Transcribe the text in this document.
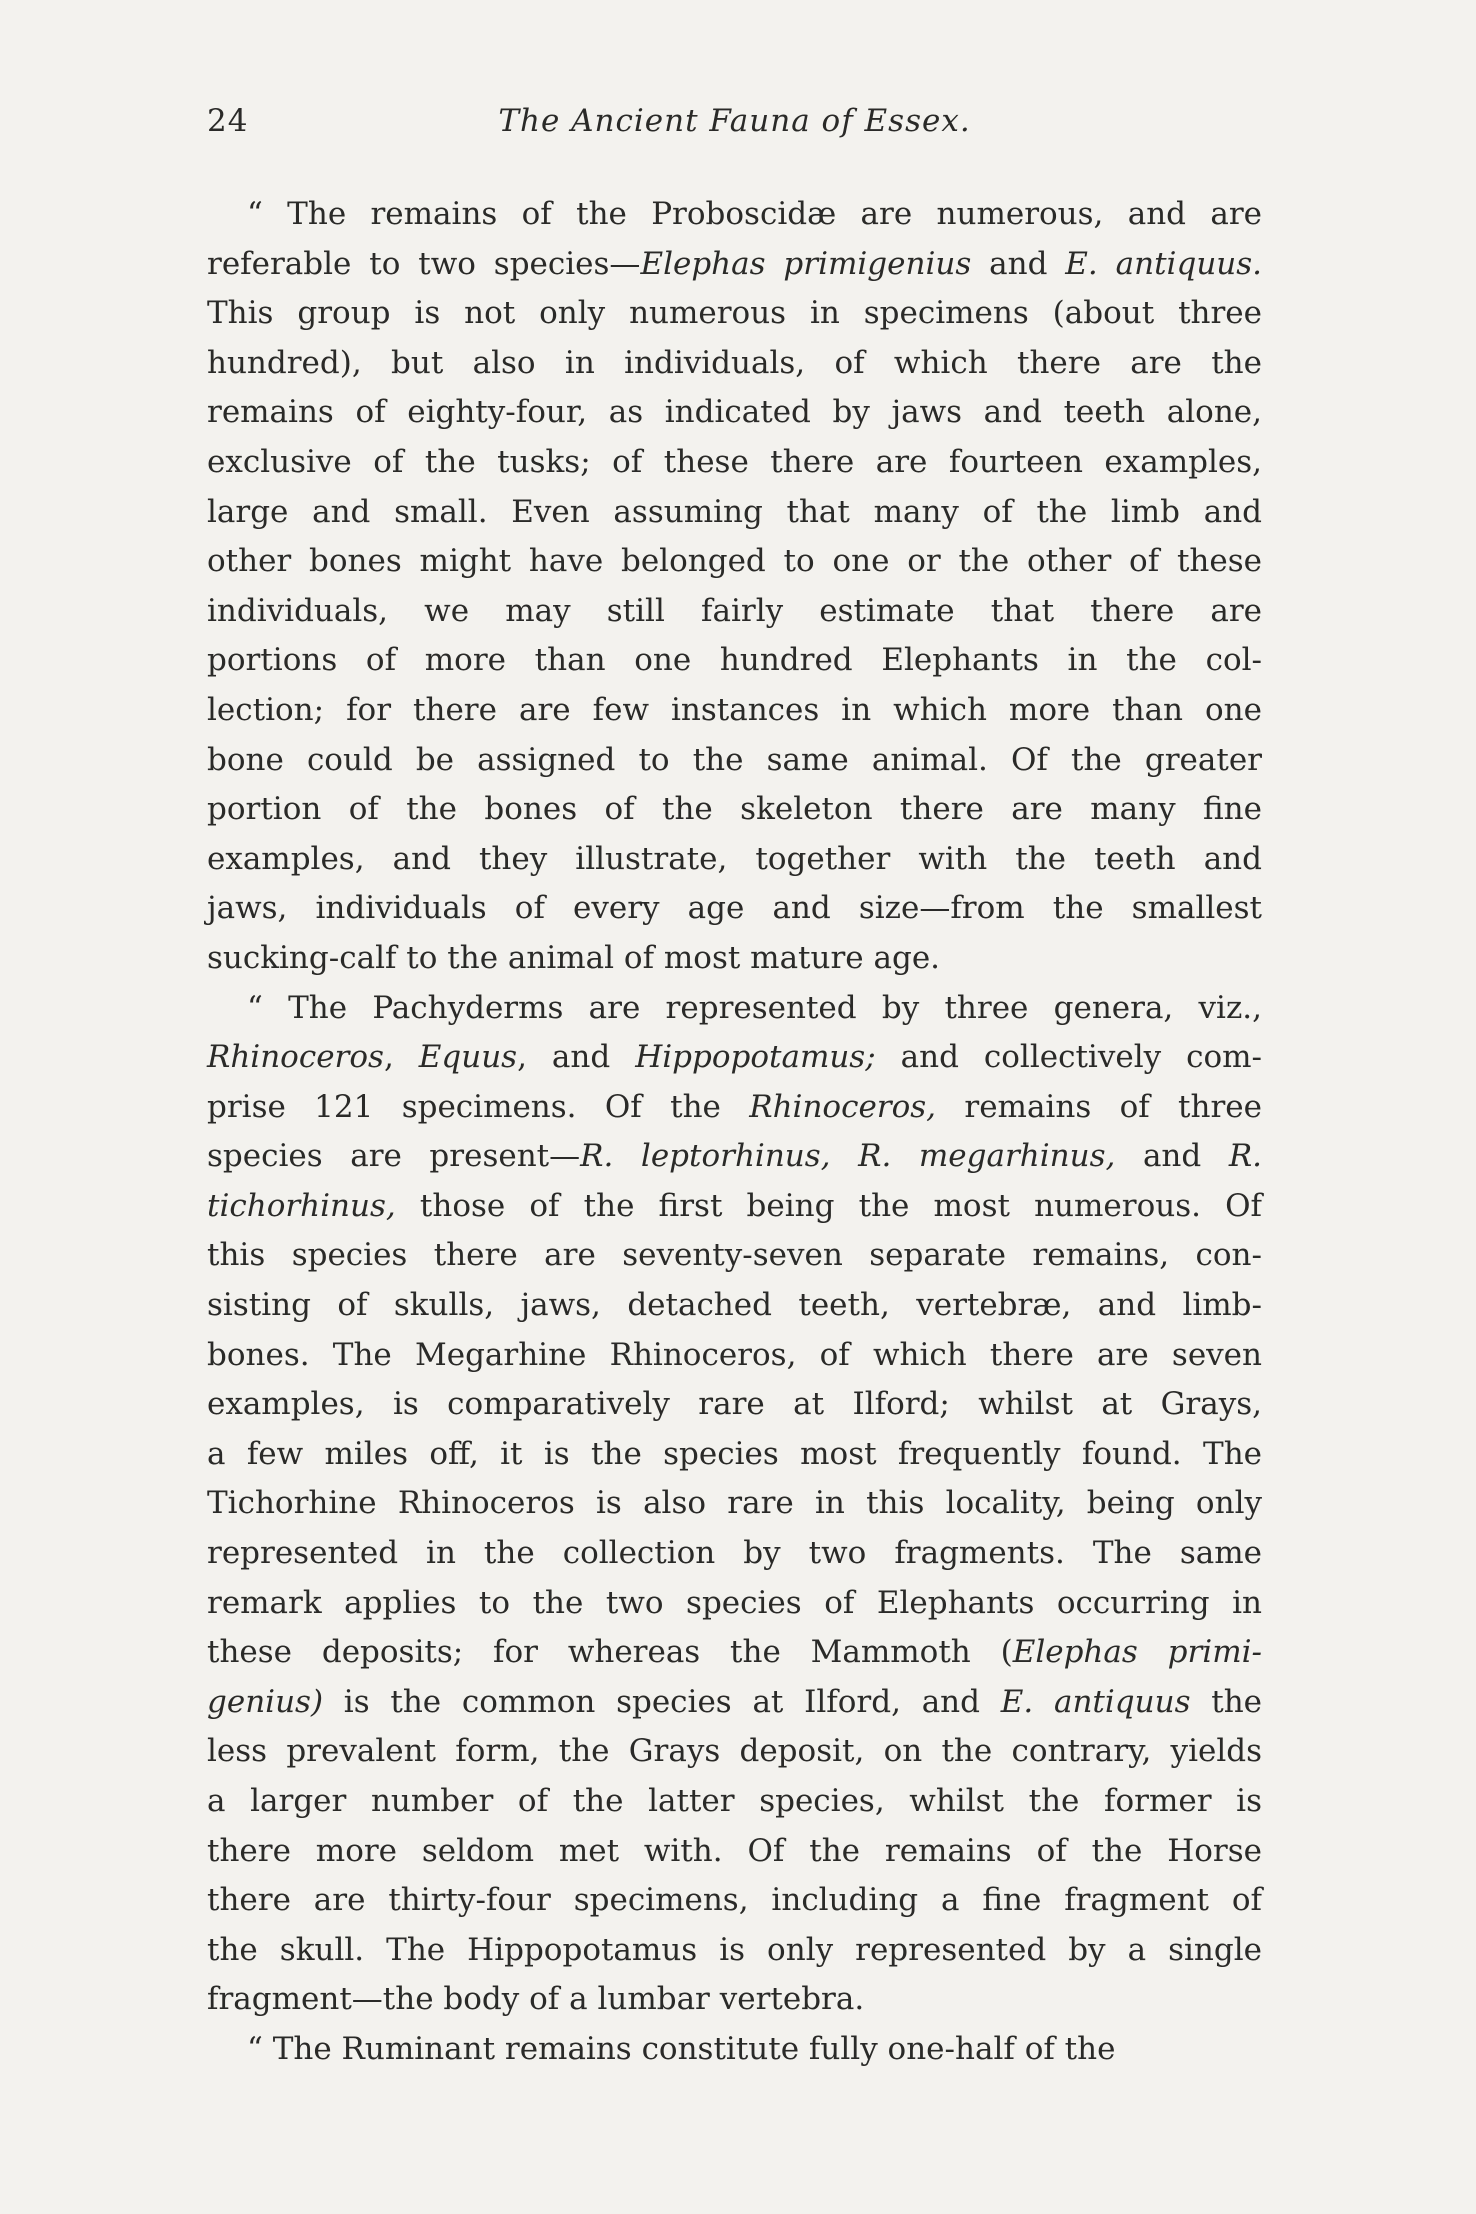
24	The Ancient Fauna of Essex.
“ The remains of the Proboscidæ are numerous, and are
referable to two species—Elephas primigenius and E. antiquus.
This group is not only numerous in specimens (about three
hundred), but also in individuals, of which there are the
remains of eighty-four, as indicated by jaws and teeth alone,
exclusive of the tusks; of these there are fourteen examples,
large and small. Even assuming that many of the limb and
other bones might have belonged to one or the other of these
individuals, we may still fairly estimate that there are
portions of more than one hundred Elephants in the col-
lection; for there are few instances in which more than one
bone could be assigned to the same animal. Of the greater
portion of the bones of the skeleton there are many fine
examples, and they illustrate, together with the teeth and
jaws, individuals of every age and size—from the smallest
sucking-calf to the animal of most mature age.
“ The Pachyderms are represented by three genera, viz.,
Rhinoceros, Equus, and Hippopotamus; and collectively com-
prise 121 specimens. Of the Rhinoceros, remains of three
species are present—R. leptorhinus, R. megarhinus, and R.
tichorhinus, those of the first being the most numerous. Of
this species there are seventy-seven separate remains, con-
sisting of skulls, jaws, detached teeth, vertebræ, and limb-
bones. The Megarhine Rhinoceros, of which there are seven
examples, is comparatively rare at Ilford; whilst at Grays,
a few miles off, it is the species most frequently found. The
Tichorhine Rhinoceros is also rare in this locality, being only
represented in the collection by two fragments. The same
remark applies to the two species of Elephants occurring in
these deposits; for whereas the Mammoth (Elephas primi-
genius) is the common species at Ilford, and E. antiquus the
less prevalent form, the Grays deposit, on the contrary, yields
a larger number of the latter species, whilst the former is
there more seldom met with. Of the remains of the Horse
there are thirty-four specimens, including a fine fragment of
the skull. The Hippopotamus is only represented by a single
fragment—the body of a lumbar vertebra.
“ The Ruminant remains constitute fully one-half of the
